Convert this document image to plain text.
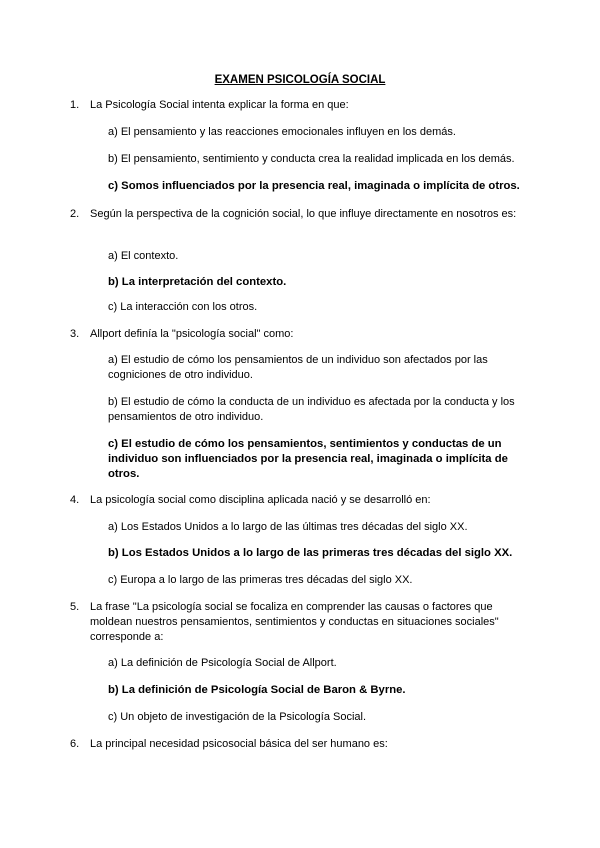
EXAMEN PSICOLOGÍA SOCIAL
1. La Psicología Social intenta explicar la forma en que:
a) El pensamiento y las reacciones emocionales influyen en los demás.
b) El pensamiento, sentimiento y conducta crea la realidad implicada en los demás.
c) Somos influenciados por la presencia real, imaginada o implícita de otros.
2. Según la perspectiva de la cognición social, lo que influye directamente en nosotros es:
a) El contexto.
b) La interpretación del contexto.
c) La interacción con los otros.
3. Allport definía la "psicología social" como:
a) El estudio de cómo los pensamientos de un individuo son afectados por las cogniciones de otro individuo.
b) El estudio de cómo la conducta de un individuo es afectada por la conducta y los pensamientos de otro individuo.
c) El estudio de cómo los pensamientos, sentimientos y conductas de un individuo son influenciados por la presencia real, imaginada o implícita de otros.
4. La psicología social como disciplina aplicada nació y se desarrolló en:
a) Los Estados Unidos a lo largo de las últimas tres décadas del siglo XX.
b) Los Estados Unidos a lo largo de las primeras tres décadas del siglo XX.
c) Europa a lo largo de las primeras tres décadas del siglo XX.
5. La frase "La psicología social se focaliza en comprender las causas o factores que moldean nuestros pensamientos, sentimientos y conductas en situaciones sociales" corresponde a:
a) La definición de Psicología Social de Allport.
b) La definición de Psicología Social de Baron & Byrne.
c) Un objeto de investigación de la Psicología Social.
6. La principal necesidad psicosocial básica del ser humano es:
